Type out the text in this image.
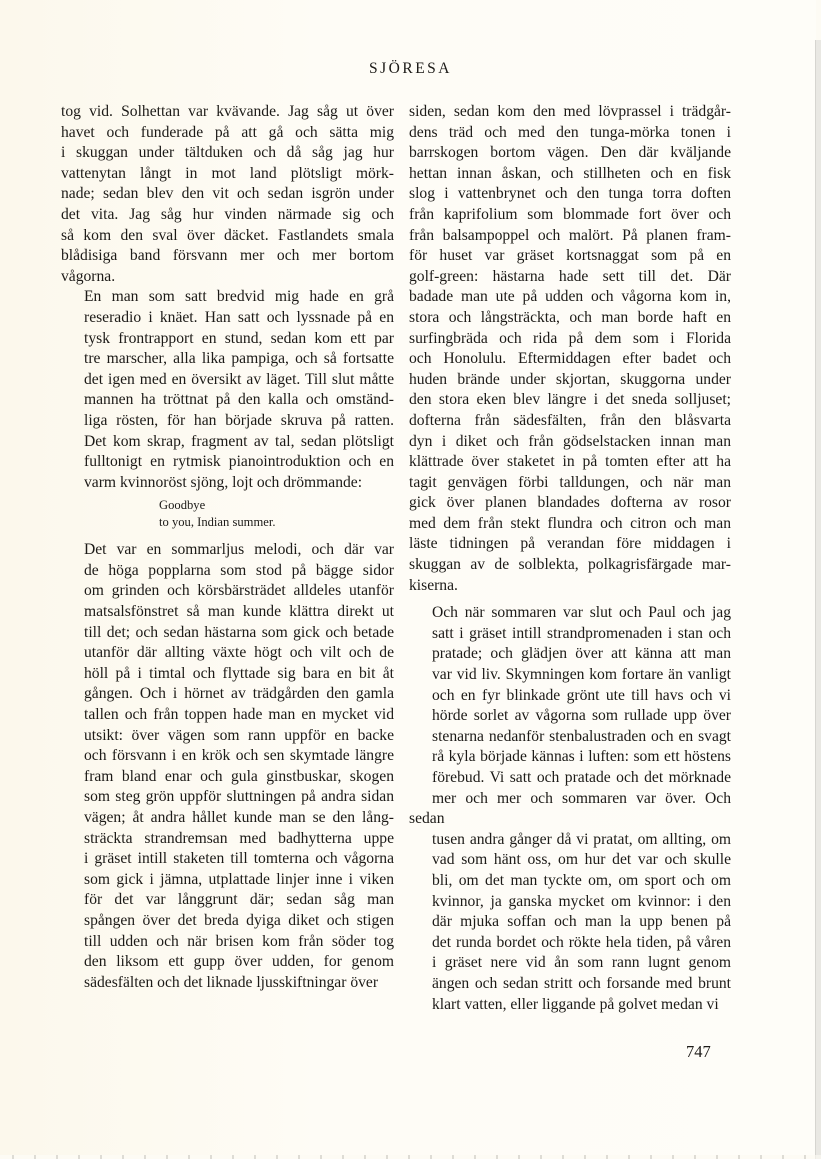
SJÖRESA

tog vid. Solhettan var kvävande. Jag såg ut över
havet och funderade på att gå och sätta mig
i skuggan under tältduken och då såg jag hur
vattenytan långt in mot land plötsligt mörk-
nade; sedan blev den vit och sedan isgrön under
det vita. Jag såg hur vinden närmade sig och
så kom den sval över däcket. Fastlandets smala
blådisiga band försvann mer och mer bortom
vågorna.

En man som satt bredvid mig hade en grå
reseradio i knäet. Han satt och lyssnade på en
tysk frontrapport en stund, sedan kom ett par
tre marscher, alla lika pampiga, och så fortsatte
det igen med en översikt av läget. Till slut måtte
mannen ha tröttnat på den kalla och omständ-
liga rösten, för han började skruva på ratten.
Det kom skrap, fragment av tal, sedan plötsligt
fulltonigt en rytmisk pianointroduktion och en
varm kvinnoröst sjöng, lojt och drömmande:

Goodbye
to you, Indian summer.

Det var en sommarljus melodi, och där var
de höga popplarna som stod på bägge sidor
om grinden och körsbärsträdet alldeles utanför
matsalsfönstret så man kunde klättra direkt ut
till det; och sedan hästarna som gick och betade
utanför där allting växte högt och vilt och de
höll på i timtal och flyttade sig bara en bit åt
gången. Och i hörnet av trädgården den gamla
tallen och från toppen hade man en mycket vid
utsikt: över vägen som rann uppför en backe
och försvann i en krök och sen skymtade längre
fram bland enar och gula ginstbuskar, skogen
som steg grön uppför sluttningen på andra sidan
vägen; åt andra hållet kunde man se den lång-
sträckta strandremsan med badhytterna uppe
i gräset intill staketen till tomterna och vågorna
som gick i jämna, utplattade linjer inne i viken
för det var långgrunt där; sedan såg man
spången över det breda dyiga diket och stigen
till udden och när brisen kom från söder tog
den liksom ett gupp över udden, for genom
sädesfälten och det liknade ljusskiftningar över

siden, sedan kom den med lövprassel i trädgår-
dens träd och med den tunga-mörka tonen i
barrskogen bortom vägen. Den där kväljande
hettan innan åskan, och stillheten och en fisk
slog i vattenbrynet och den tunga torra doften
från kaprifolium som blommade fort över och
från balsampoppel och malört. På planen fram-
för huset var gräset kortsnaggat som på en
golf-green: hästarna hade sett till det. Där
badade man ute på udden och vågorna kom in,
stora och långsträckta, och man borde haft en
surfingbräda och rida på dem som i Florida
och Honolulu. Eftermiddagen efter badet och
huden brände under skjortan, skuggorna under
den stora eken blev längre i det sneda solljuset;
dofterna från sädesfälten, från den blåsvarta
dyn i diket och från gödselstacken innan man
klättrade över staketet in på tomten efter att ha
tagit genvägen förbi talldungen, och när man
gick över planen blandades dofterna av rosor
med dem från stekt flundra och citron och man
läste tidningen på verandan före middagen i
skuggan av de solblekta, polkagrisfärgade mar-
kiserna.

Och när sommaren var slut och Paul och jag
satt i gräset intill strandpromenaden i stan och
pratade; och glädjen över att känna att man
var vid liv. Skymningen kom fortare än vanligt
och en fyr blinkade grönt ute till havs och vi
hörde sorlet av vågorna som rullade upp över
stenarna nedanför stenbalustraden och en svagt
rå kyla började kännas i luften: som ett höstens
förebud. Vi satt och pratade och det mörknade
mer och mer och sommaren var över. Och sedan
tusen andra gånger då vi pratat, om allting, om
vad som hänt oss, om hur det var och skulle
bli, om det man tyckte om, om sport och om
kvinnor, ja ganska mycket om kvinnor: i den
där mjuka soffan och man la upp benen på
det runda bordet och rökte hela tiden, på våren
i gräset nere vid ån som rann lugnt genom
ängen och sedan stritt och forsande med brunt
klart vatten, eller liggande på golvet medan vi

747
